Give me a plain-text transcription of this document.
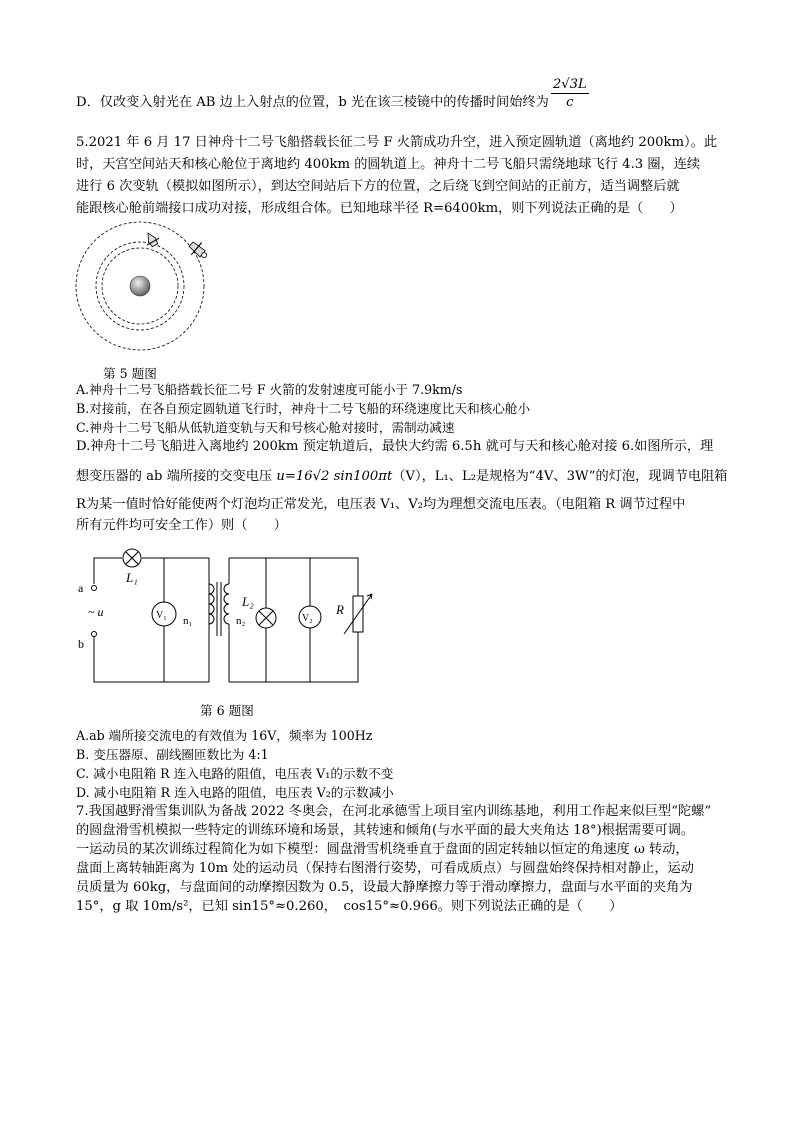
D．仅改变入射光在 AB 边上入射点的位置，b 光在该三棱镜中的传播时间始终为 $\frac{2√3L}{c}$
5.2021 年 6 月 17 日神舟十二号飞船搭载长征二号 F 火箭成功升空，进入预定圆轨道（离地约 200km）。此
时，天宫空间站天和核心舱位于离地约 400km 的圆轨道上。神舟十二号飞船只需绕地球飞行 4.3 圈，连续
进行 6 次变轨（模拟如图所示），到达空间站后下方的位置，之后绕飞到空间站的正前方，适当调整后就
能跟核心舱前端接口成功对接，形成组合体。已知地球半径 R=6400km，则下列说法正确的是（　　）
第 5 题图
A.神舟十二号飞船搭载长征二号 F 火箭的发射速度可能小于 7.9km/s
B.对接前，在各自预定圆轨道飞行时，神舟十二号飞船的环绕速度比天和核心舱小
C.神舟十二号飞船从低轨道变轨与天和号核心舱对接时，需制动减速
D.神舟十二号飞船进入离地约 200km 预定轨道后，最快大约需 6.5h 就可与天和核心舱对接 6.如图所示，理
想变压器的 ab 端所接的交变电压 u=16√2 sin100πt（V），L₁、L₂是规格为“4V、3W”的灯泡，现调节电阻箱
R为某一值时恰好能使两个灯泡均正常发光，电压表 V₁、V₂均为理想交流电压表。（电阻箱 R 调节过程中
所有元件均可安全工作）则（　　）
L₁
V₁ n₁	n₂
L₂
V₂
R
a
~ u
b
第 6 题图
A.ab 端所接交流电的有效值为 16V，频率为 100Hz
B. 变压器原、副线圈匝数比为 4:1
C. 减小电阻箱 R 连入电路的阻值，电压表 V₁的示数不变
D. 减小电阻箱 R 连入电路的阻值，电压表 V₂的示数减小
7.我国越野滑雪集训队为备战 2022 冬奥会，在河北承德雪上项目室内训练基地，利用工作起来似巨型“陀螺”
的圆盘滑雪机模拟一些特定的训练环境和场景，其转速和倾角(与水平面的最大夹角达 18°)根据需要可调。
一运动员的某次训练过程简化为如下模型：圆盘滑雪机绕垂直于盘面的固定转轴以恒定的角速度 ω 转动，
盘面上离转轴距离为 10m 处的运动员（保持右图滑行姿势，可看成质点）与圆盘始终保持相对静止，运动
员质量为 60kg，与盘面间的动摩擦因数为 0.5，设最大静摩擦力等于滑动摩擦力，盘面与水平面的夹角为
15°，g 取 10m/s²，已知 sin15°≈0.260，　cos15°≈0.966。则下列说法正确的是（　　）
